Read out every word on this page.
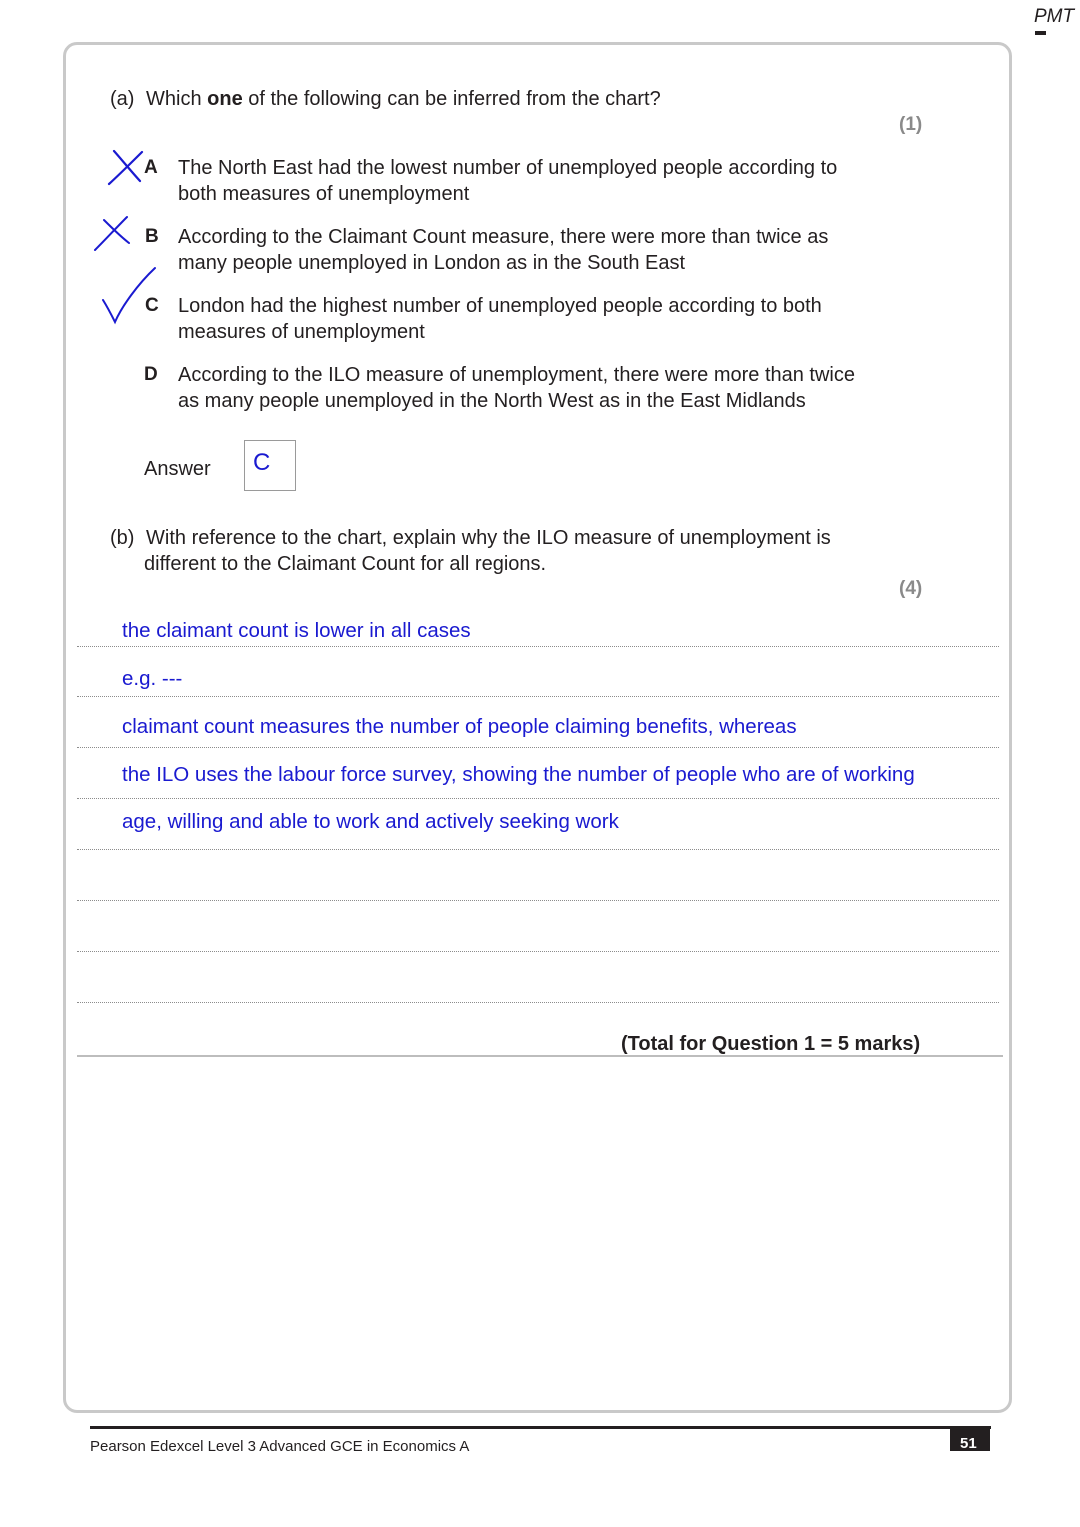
PMT
(a) Which one of the following can be inferred from the chart?
(1)
A The North East had the lowest number of unemployed people according to
both measures of unemployment
B According to the Claimant Count measure, there were more than twice as
many people unemployed in London as in the South East
C London had the highest number of unemployed people according to both
measures of unemployment
D According to the ILO measure of unemployment, there were more than twice
as many people unemployed in the North West as in the East Midlands
Answer C
(b) With reference to the chart, explain why the ILO measure of unemployment is
different to the Claimant Count for all regions.
(4)
the claimant count is lower in all cases
e.g. ---
claimant count measures the number of people claiming benefits, whereas
the ILO uses the labour force survey, showing the number of people who are of working
age, willing and able to work and actively seeking work
(Total for Question 1 = 5 marks)
Pearson Edexcel Level 3 Advanced GCE in Economics A	51
